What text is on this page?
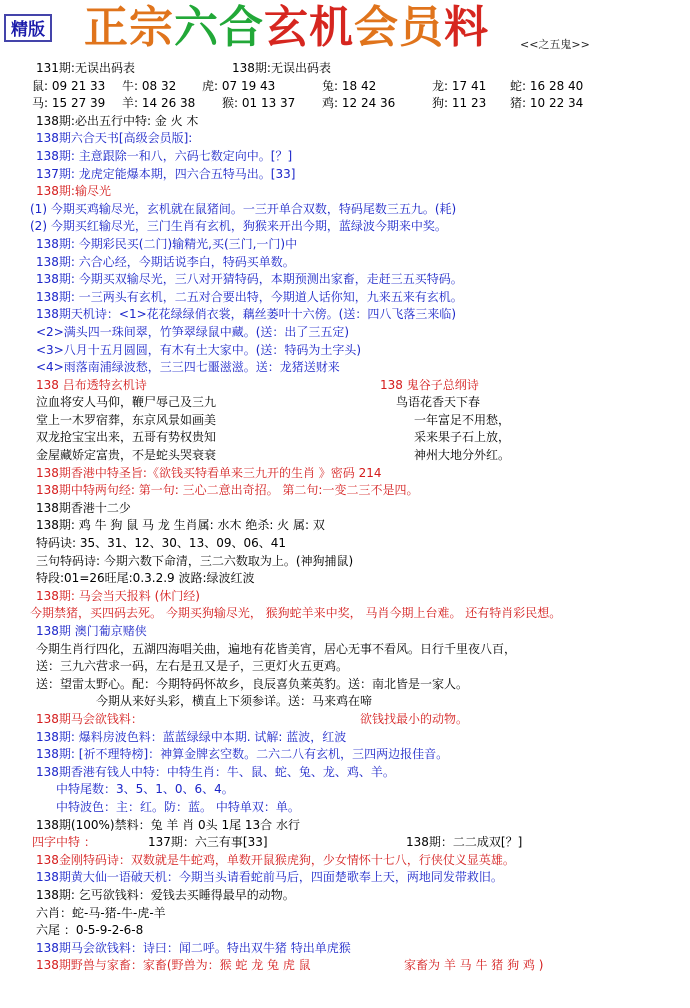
精版 正宗六合玄机会员料	<<之五鬼>>
131期:无误出码表	138期:无误出码表
鼠: 09 21 33 牛: 08 32 虎: 07 19 43	兔: 18 42	龙: 17 41 蛇: 16 28 40
马: 15 27 39 羊: 14 26 38 猴: 01 13 37 鸡: 12 24 36	狗: 11 23 猪: 10 22 34
138期:必出五行中特: 金 火 木
138期六合天书[高级会员版]:
138期: 主意跟除一和八，六码七数定向中。[？]
137期: 龙虎定能爆本期，四六合五特马出。[33]
138期:输尽光
(1) 今期买鸡输尽光，玄机就在鼠猪间。一三开单合双数，特码尾数三五九。(耗)
(2) 今期买红输尽光，三门生肖有玄机，狗猴来开出今期，蓝绿波今期来中奖。
138期: 今期彩民买(二门)输精光,买(三门,一门)中
138期: 六合心经，今期话说李白，特码买单数。
138期: 今期买双输尽光，三八对开猜特码，本期预测出家畜，走赶三五买特码。
138期: 一三两头有玄机，二五对合要出特，今期道人话你知，九来五来有玄机。
138期天机诗：<1>花花绿绿俏衣裳，藕丝萎叶十六傍。(送：四八飞落三来临)
<2>满头四一珠间翠，竹笋翠绿鼠中藏。(送：出了三五定)
<3>八月十五月圆圆，有木有土大家中。(送：特码为土字头)
<4>雨落南浦绿波愁，三三四七噩滋滋。送：龙猪送财来
138 吕布透特玄机诗	138 鬼谷子总纲诗
泣血将安人马仰，鞭尸辱己及三九	鸟语花香天下春
堂上一木罗宿葬，东京风景如画美	一年富足不用愁，
双龙抢宝宝出来，五哥有势权贵知	采来果子石上放，
金屋藏娇定富贵，不是蛇头哭衰衰	神州大地分外红。
138期香港中特圣旨:《欲钱买特看单来三九开的生肖 》密码 214
138期中特两句经: 第一句: 三心二意出奇招。 第二句:一变二三不是四。
138期香港十二少
138期: 鸡 牛 狗 鼠 马 龙 生肖属: 水木 绝杀: 火 属: 双
特码诀: 35、31、12、30、13、09、06、41
三句特码诗: 今期六数下命清，三二六数取为上。(神狗捕鼠)
特段:01=26旺尾:0.3.2.9 波路:绿波红波
138期: 马会当天报料 (休门经)
今期禁猪，买四码去死。 今期买狗输尽光， 猴狗蛇羊来中奖， 马肖今期上台难。 还有特肖彩民想。
138期 澳门葡京赌侠
今期生肖行四化，五湖四海唱关曲，遍地有花皆美宵，居心无事不看风。日行千里夜八百，
送：三九六营求一码，左右是丑又是子，三更灯火五更鸡。
送：望雷太野心。配：今期特码怀故乡，良辰喜负莱英豹。送：南北皆是一家人。
今期从来好头彩，横直上下须参详。送：马来鸡在啼
138期马会欲钱料：	欲钱找最小的动物。
138期: 爆料房波色料：蓝蓝绿绿中本期. 试解: 蓝波，红波
138期: [祈不理特榜]：神算金牌玄空数。二六二八有玄机，三四两边报佳音。
138期香港有钱人中特：中特生肖：牛、鼠、蛇、兔、龙、鸡、羊。
中特尾数：3、5、1、0、6、4。
中特波色：主：红。防：蓝。 中特单双：单。
138期(100%)禁料：兔 羊 肖 0头 1尾 13合 水行
四字中特 ：	137期：六三有事[33]	138期：二二成双[？]
138金刚特码诗：双数就是牛蛇鸡，单数开鼠猴虎狗，少女情怀十七八，行侠仗义显英雄。
138期黄大仙一语破天机：今期当头请看蛇前马后，四面楚歌奉上天，两地同发带救旧。
138期: 乞丐欲钱料：爱钱去买睡得最早的动物。
六肖：蛇-马-猪-牛-虎-羊
六尾 ：0-5-9-2-6-8
138期马会欲钱料：诗曰：闻二呼。特出双牛猪 特出单虎猴
138期野兽与家畜：家畜(野兽为：猴 蛇 龙 兔 虎 鼠	家畜为 羊 马 牛 猪 狗 鸡 )
